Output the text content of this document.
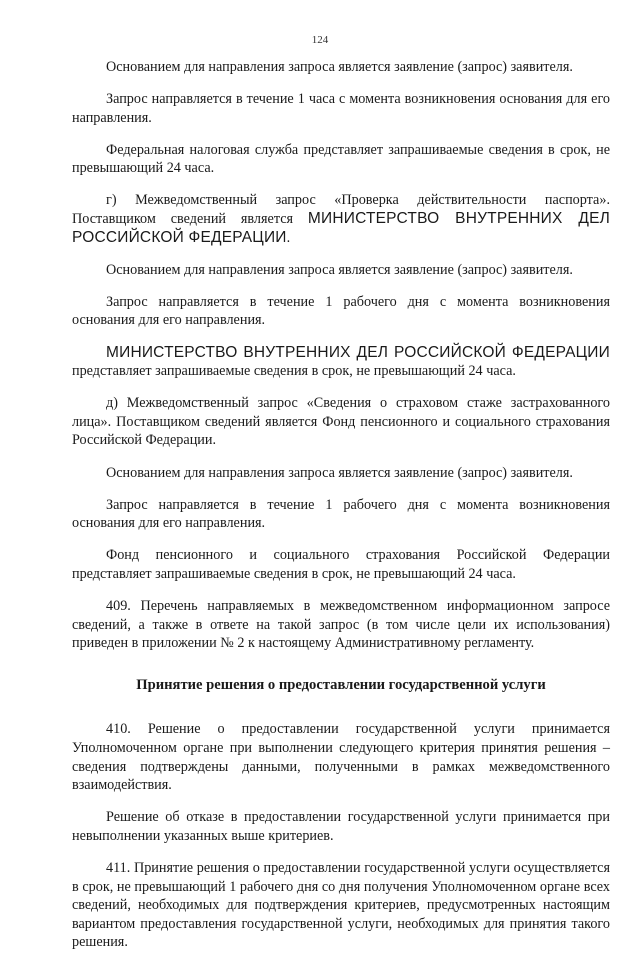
124

Основанием для направления запроса является заявление (запрос) заявителя.

Запрос направляется в течение 1 часа с момента возникновения основания для его направления.

Федеральная налоговая служба представляет запрашиваемые сведения в срок, не превышающий 24 часа.

г) Межведомственный запрос «Проверка действительности паспорта». Поставщиком сведений является МИНИСТЕРСТВО ВНУТРЕННИХ ДЕЛ РОССИЙСКОЙ ФЕДЕРАЦИИ.

Основанием для направления запроса является заявление (запрос) заявителя.

Запрос направляется в течение 1 рабочего дня с момента возникновения основания для его направления.

МИНИСТЕРСТВО ВНУТРЕННИХ ДЕЛ РОССИЙСКОЙ ФЕДЕРАЦИИ представляет запрашиваемые сведения в срок, не превышающий 24 часа.

д) Межведомственный запрос «Сведения о страховом стаже застрахованного лица». Поставщиком сведений является Фонд пенсионного и социального страхования Российской Федерации.

Основанием для направления запроса является заявление (запрос) заявителя.

Запрос направляется в течение 1 рабочего дня с момента возникновения основания для его направления.

Фонд пенсионного и социального страхования Российской Федерации представляет запрашиваемые сведения в срок, не превышающий 24 часа.

409. Перечень направляемых в межведомственном информационном запросе сведений, а также в ответе на такой запрос (в том числе цели их использования) приведен в приложении № 2 к настоящему Административному регламенту.

Принятие решения о предоставлении государственной услуги

410. Решение о предоставлении государственной услуги принимается Уполномоченном органе при выполнении следующего критерия принятия решения – сведения подтверждены данными, полученными в рамках межведомственного взаимодействия.

Решение об отказе в предоставлении государственной услуги принимается при невыполнении указанных выше критериев.

411. Принятие решения о предоставлении государственной услуги осуществляется в срок, не превышающий 1 рабочего дня со дня получения Уполномоченном органе всех сведений, необходимых для подтверждения критериев, предусмотренных настоящим вариантом предоставления государственной услуги, необходимых для принятия такого решения.
